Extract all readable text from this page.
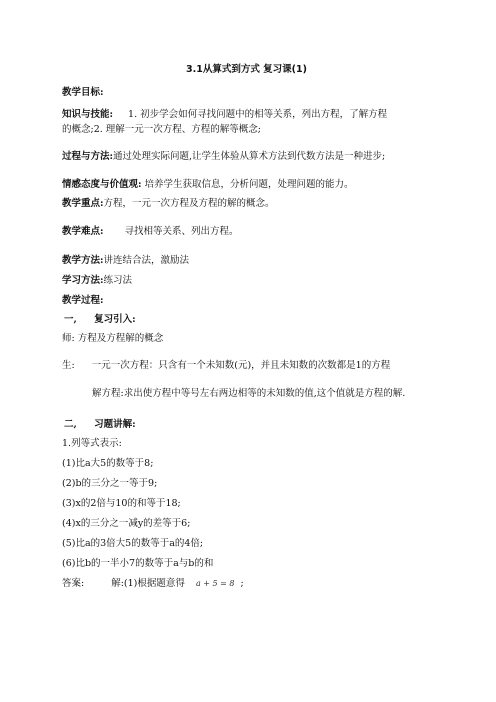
3.1从算式到方式 复习课(1)
教学目标:
知识与技能: 1. 初步学会如何寻找问题中的相等关系，列出方程，了解方程
的概念;2. 理解一元一次方程、方程的解等概念;
过程与方法:通过处理实际问题,让学生体验从算术方法到代数方法是一种进步;
情感态度与价值观: 培养学生获取信息，分析问题，处理问题的能力。
教学重点:方程，一元一次方程及方程的解的概念。
教学难点: 寻找相等关系、列出方程。
教学方法:讲连结合法，激励法
学习方法:练习法
教学过程:
一, 复习引入:
师: 方程及方程解的概念
生: 一元一次方程：只含有一个未知数(元)，并且未知数的次数都是1的方程
解方程:求出使方程中等号左右两边相等的未知数的值,这个值就是方程的解.
二, 习题讲解:
1.列等式表示:
(1)比a大5的数等于8;
(2)b的三分之一等于9;
(3)x的2倍与10的和等于18;
(4)x的三分之一减y的差等于6;
(5)比a的3倍大5的数等于a的4倍;
(6)比b的一半小7的数等于a与b的和
答案:	解:(1)根据题意得 a + 5 = 8 ;
